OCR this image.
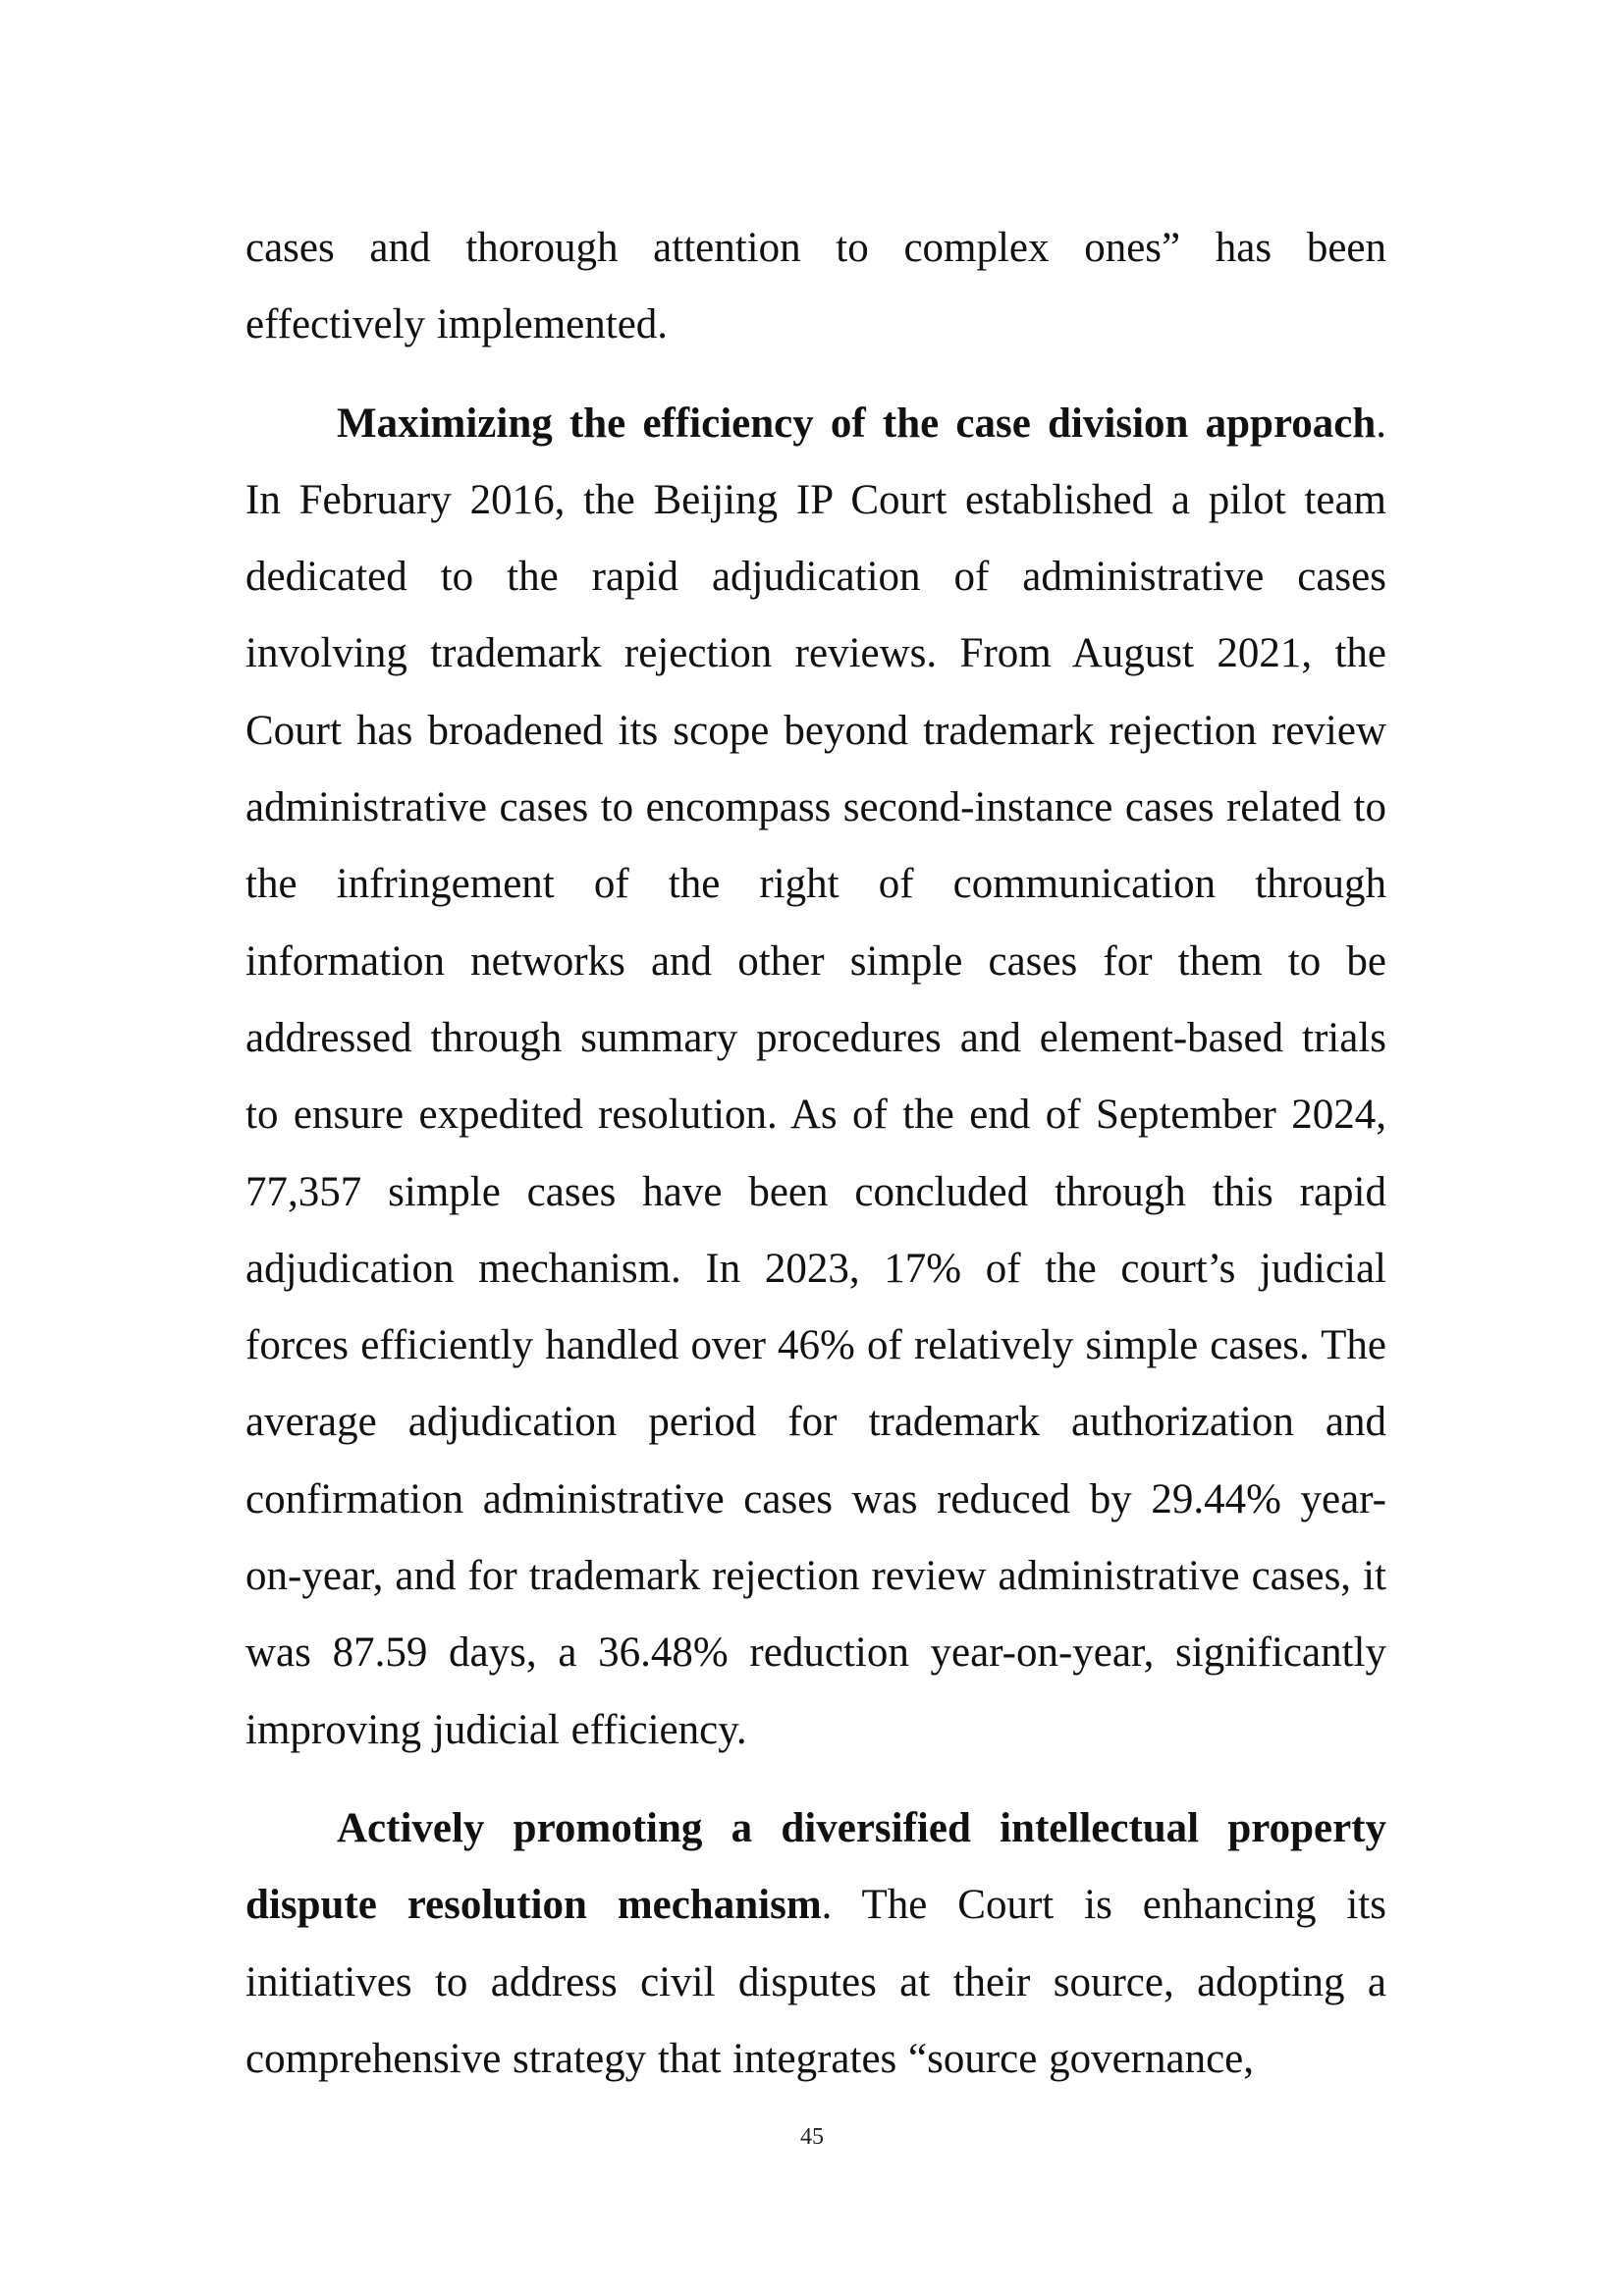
cases and thorough attention to complex ones” has been effectively implemented.

Maximizing the efficiency of the case division approach. In February 2016, the Beijing IP Court established a pilot team dedicated to the rapid adjudication of administrative cases involving trademark rejection reviews. From August 2021, the Court has broadened its scope beyond trademark rejection review administrative cases to encompass second-instance cases related to the infringement of the right of communication through information networks and other simple cases for them to be addressed through summary procedures and element-based trials to ensure expedited resolution. As of the end of September 2024, 77,357 simple cases have been concluded through this rapid adjudication mechanism. In 2023, 17% of the court’s judicial forces efficiently handled over 46% of relatively simple cases. The average adjudication period for trademark authorization and confirmation administrative cases was reduced by 29.44% year-on-year, and for trademark rejection review administrative cases, it was 87.59 days, a 36.48% reduction year-on-year, significantly improving judicial efficiency.

Actively promoting a diversified intellectual property dispute resolution mechanism. The Court is enhancing its initiatives to address civil disputes at their source, adopting a comprehensive strategy that integrates “source governance,

45
